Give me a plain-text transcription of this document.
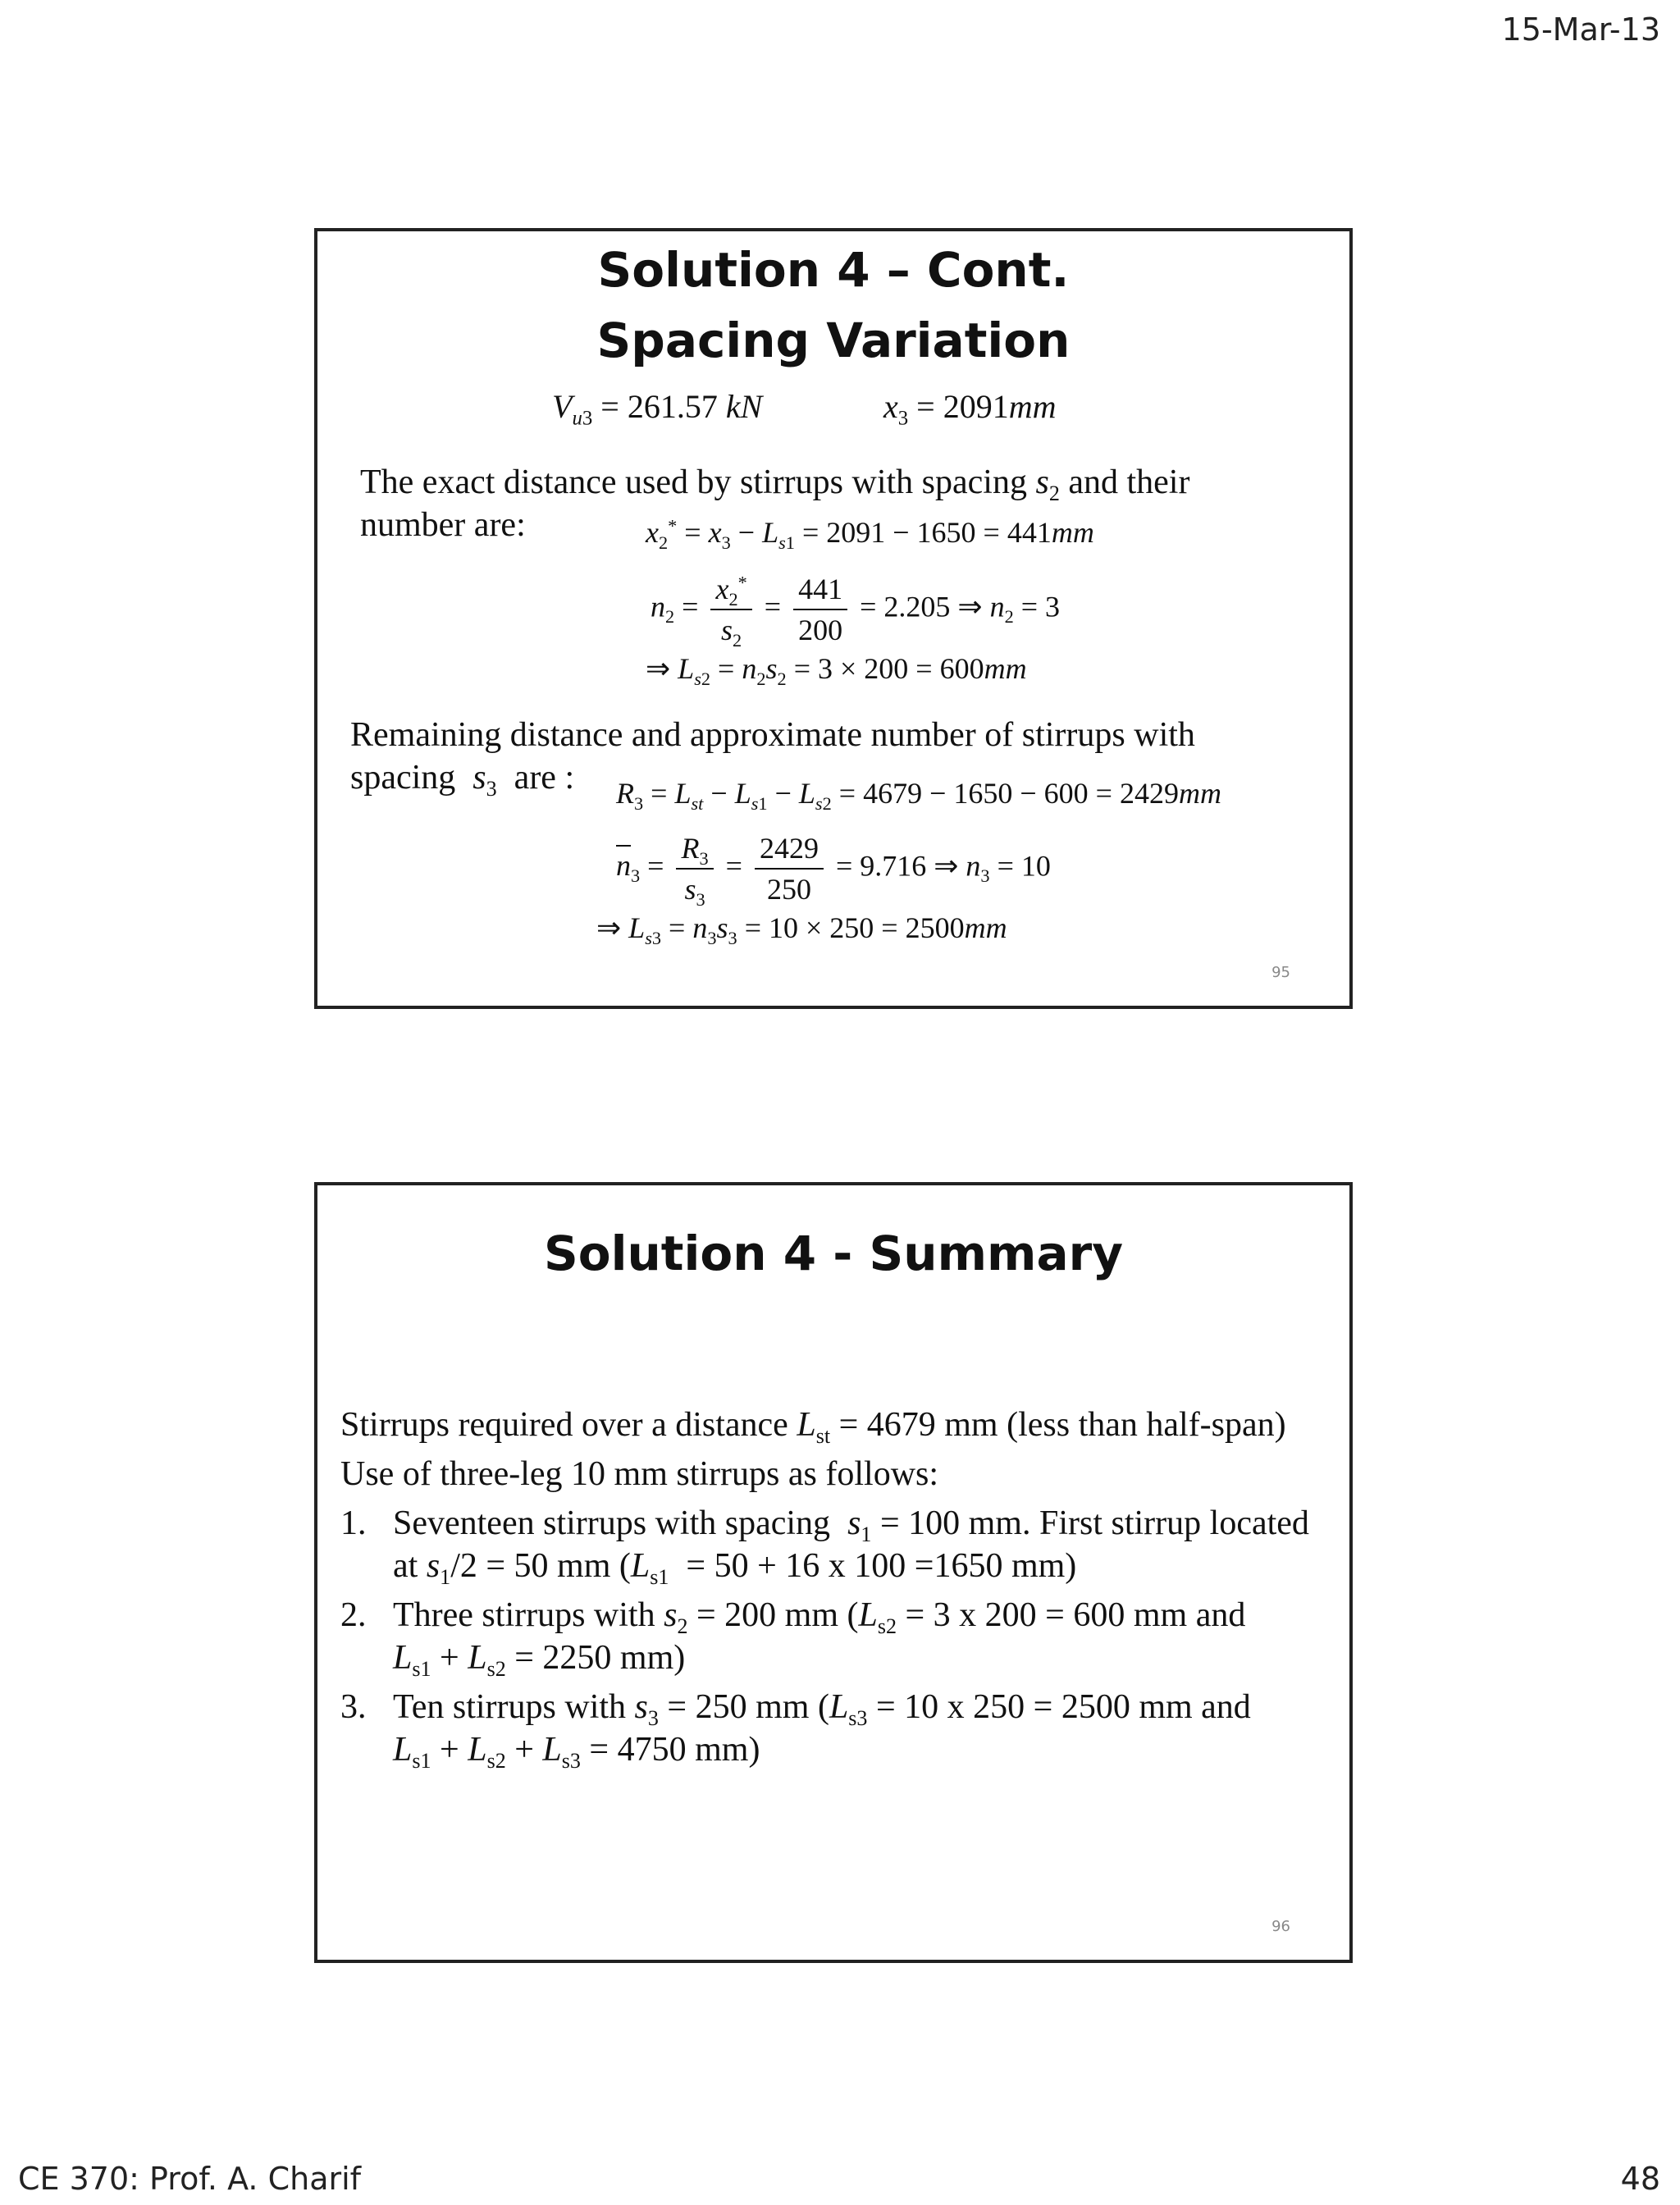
15-Mar-13
CE 370: Prof. A. Charif	48
Solution 4 – Cont.
Spacing Variation
$V_{u3} = 261.57$ kN	$x_3 = 2091mm$

The exact distance used by stirrups with spacing $s_2$ and their

number are:	$x_2^* = x_3 - L_{s1} = 2091 - 1650 = 441mm$
$n_2 = \frac{x_2^*}{s_2} = \frac{441}{200} = 2.205$ ⇒ $n_2 = 3$
⇒ $L_{s2} = n_2s_2 = 3 \times 200 = 600mm$

Remaining distance and approximate number of stirrups with

spacing $s_3$ are :	$R_3 = L_{st} - L_{s1} - L_{s2} = 4679 - 1650 - 600 = 2429mm$
$n_3 = \frac{R_3}{s_3} = \frac{2429}{250} = 9.716$ ⇒ $n_3 = 10$
⇒ $L_{s3} = n_3s_3 = 10 \times 250 = 2500mm$
95
Solution 4 - Summary

Stirrups required over a distance $L_{st} = 4679$ mm (less than half-span)

Use of three-leg 10 mm stirrups as follows:

1. Seventeen stirrups with spacing $s_1 = 100$ mm. First stirrup located
at $s_1/2 = 50$ mm ($L_{s1} = 50 + 16$ x 100 =1650 mm)
2. Three stirrups with $s_2 = 200$ mm ($L_{s2} = 3$ x 200 = 600 mm and
$L_{s1} + L_{s2} = 2250$ mm)
3. Ten stirrups with $s_3 = 250$ mm ($L_{s3} = 10$ x 250 = 2500 mm and
$L_{s1} + L_{s2} + L_{s3} = 4750$ mm)
96
